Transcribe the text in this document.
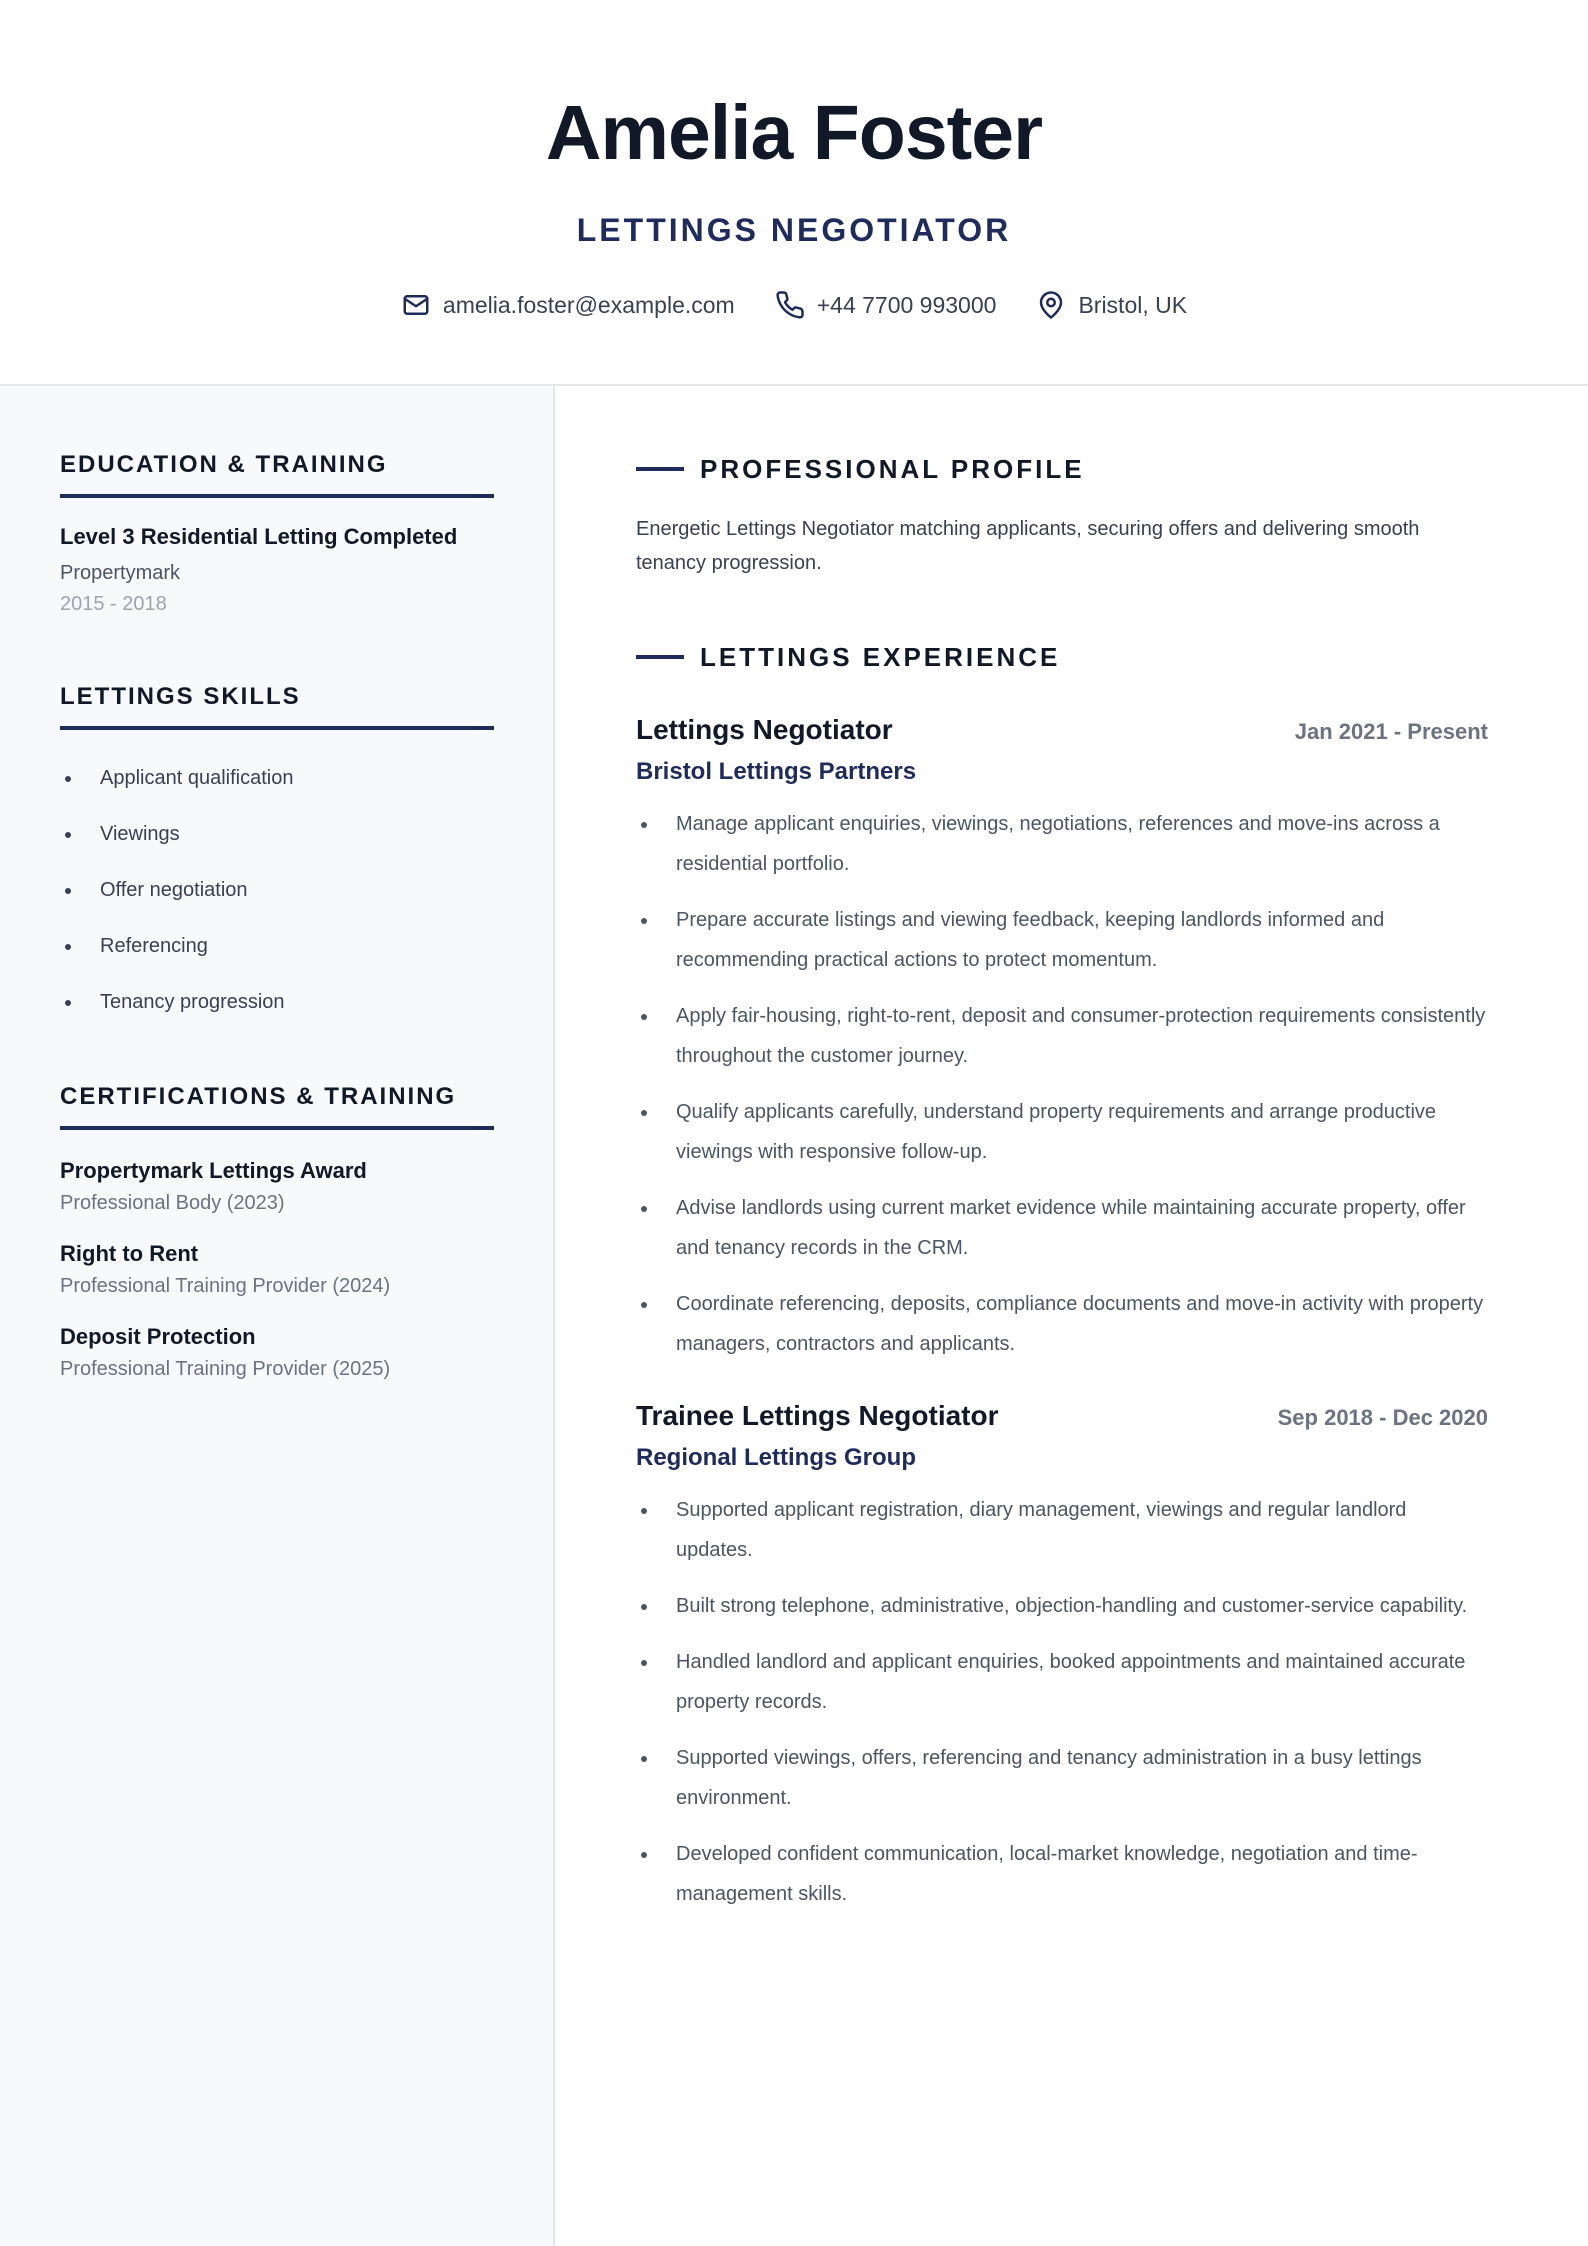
Amelia Foster
LETTINGS NEGOTIATOR
amelia.foster@example.com	+44 7700 993000	Bristol, UK
EDUCATION & TRAINING
Level 3 Residential Letting Completed
Propertymark
2015 - 2018
LETTINGS SKILLS
Applicant qualification
Viewings
Offer negotiation
Referencing
Tenancy progression
CERTIFICATIONS & TRAINING
Propertymark Lettings Award
Professional Body (2023)
Right to Rent
Professional Training Provider (2024)
Deposit Protection
Professional Training Provider (2025)
PROFESSIONAL PROFILE
Energetic Lettings Negotiator matching applicants, securing offers and delivering smooth tenancy progression.
LETTINGS EXPERIENCE
Lettings Negotiator	Jan 2021 - Present
Bristol Lettings Partners
Manage applicant enquiries, viewings, negotiations, references and move-ins across a residential portfolio.
Prepare accurate listings and viewing feedback, keeping landlords informed and recommending practical actions to protect momentum.
Apply fair-housing, right-to-rent, deposit and consumer-protection requirements consistently throughout the customer journey.
Qualify applicants carefully, understand property requirements and arrange productive viewings with responsive follow-up.
Advise landlords using current market evidence while maintaining accurate property, offer and tenancy records in the CRM.
Coordinate referencing, deposits, compliance documents and move-in activity with property managers, contractors and applicants.
Trainee Lettings Negotiator	Sep 2018 - Dec 2020
Regional Lettings Group
Supported applicant registration, diary management, viewings and regular landlord updates.
Built strong telephone, administrative, objection-handling and customer-service capability.
Handled landlord and applicant enquiries, booked appointments and maintained accurate property records.
Supported viewings, offers, referencing and tenancy administration in a busy lettings environment.
Developed confident communication, local-market knowledge, negotiation and time-management skills.
